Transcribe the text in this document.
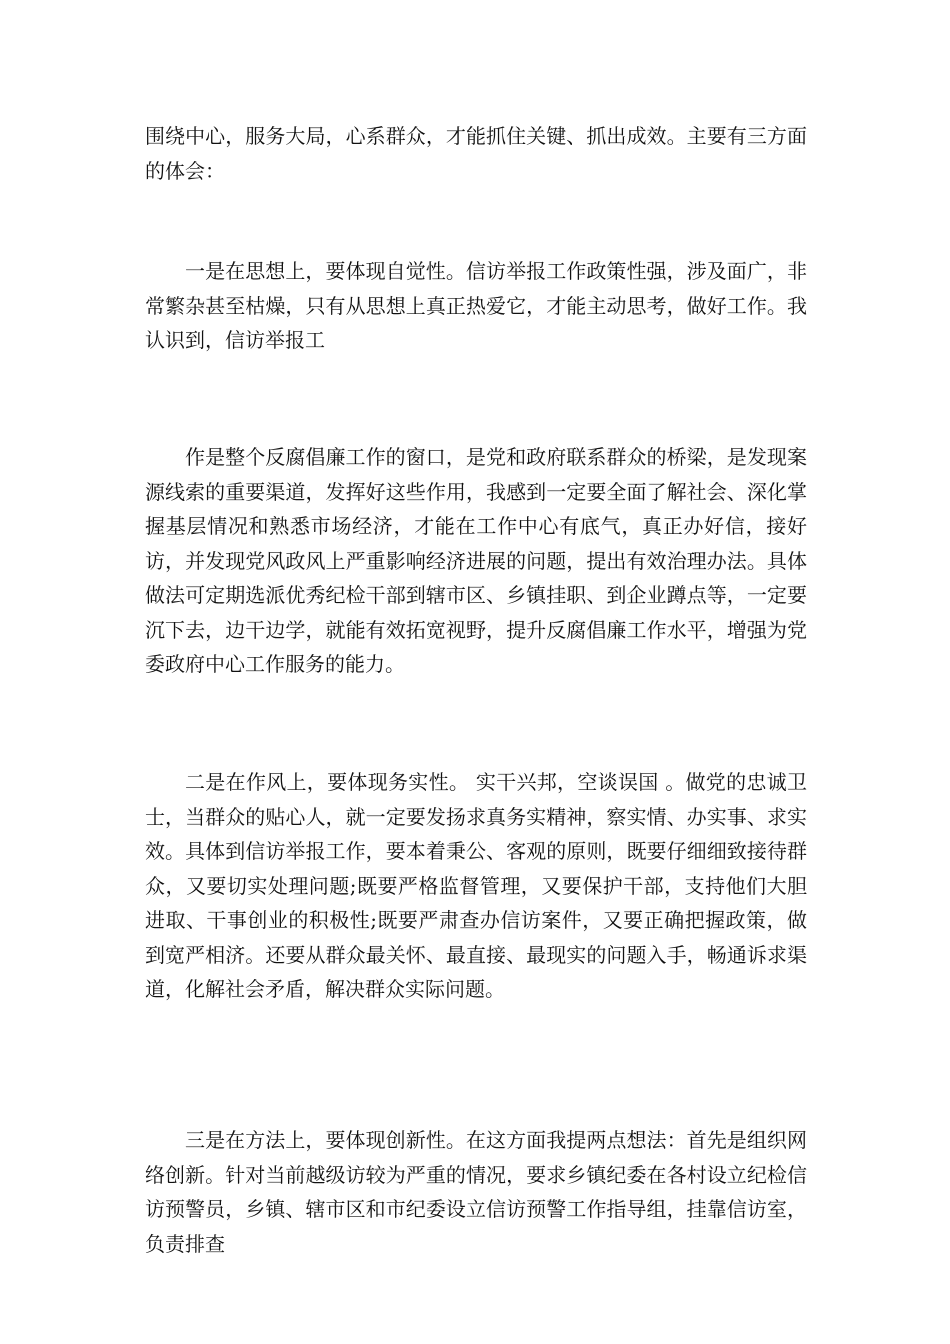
围绕中心，服务大局，心系群众，才能抓住关键、抓出成效。主要有三方面的体会：

一是在思想上，要体现自觉性。信访举报工作政策性强，涉及面广，非常繁杂甚至枯燥，只有从思想上真正热爱它，才能主动思考，做好工作。我认识到，信访举报工

作是整个反腐倡廉工作的窗口，是党和政府联系群众的桥梁，是发现案源线索的重要渠道，发挥好这些作用，我感到一定要全面了解社会、深化掌握基层情况和熟悉市场经济，才能在工作中心有底气，真正办好信，接好访，并发现党风政风上严重影响经济进展的问题，提出有效治理办法。具体做法可定期选派优秀纪检干部到辖市区、乡镇挂职、到企业蹲点等，一定要沉下去，边干边学，就能有效拓宽视野，提升反腐倡廉工作水平，增强为党委政府中心工作服务的能力。

二是在作风上，要体现务实性。 实干兴邦，空谈误国 。做党的忠诚卫士，当群众的贴心人，就一定要发扬求真务实精神，察实情、办实事、求实效。具体到信访举报工作，要本着秉公、客观的原则，既要仔细细致接待群众，又要切实处理问题;既要严格监督管理，又要保护干部，支持他们大胆进取、干事创业的积极性;既要严肃查办信访案件，又要正确把握政策，做到宽严相济。还要从群众最关怀、最直接、最现实的问题入手，畅通诉求渠道，化解社会矛盾，解决群众实际问题。

三是在方法上，要体现创新性。在这方面我提两点想法：首先是组织网络创新。针对当前越级访较为严重的情况，要求乡镇纪委在各村设立纪检信访预警员，乡镇、辖市区和市纪委设立信访预警工作指导组，挂靠信访室，负责排查
